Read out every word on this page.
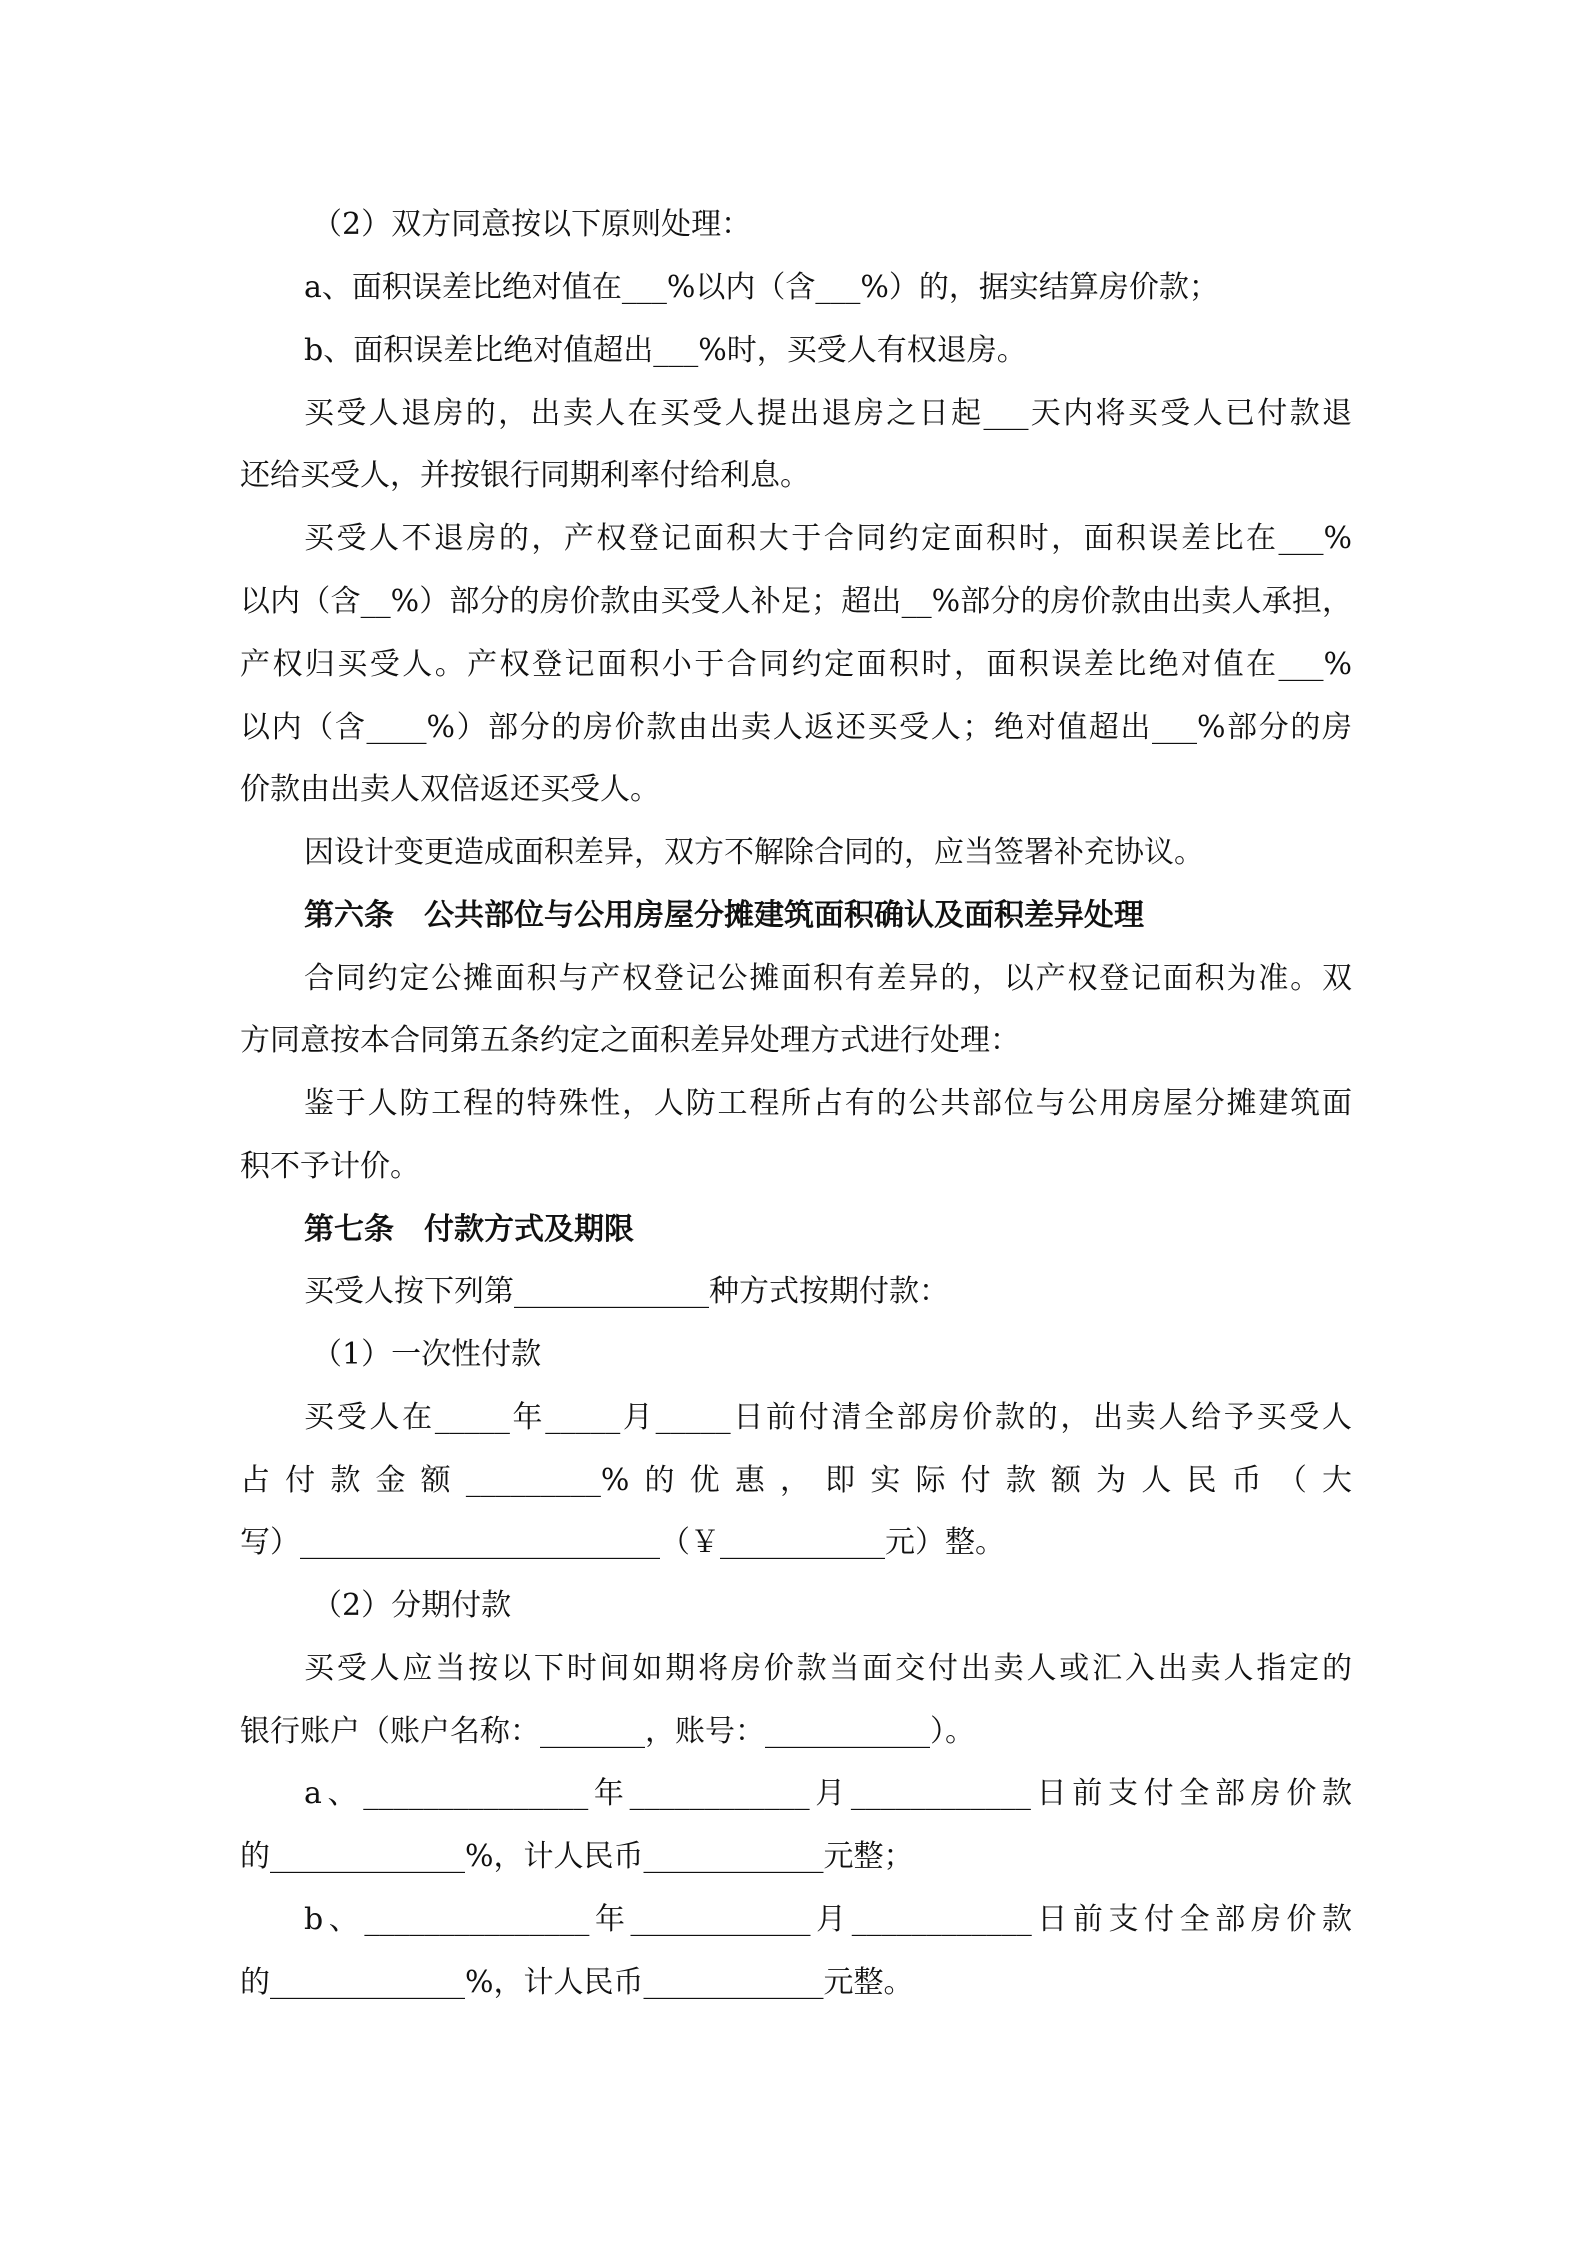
（2）双方同意按以下原则处理：

a、面积误差比绝对值在___%以内（含___%）的，据实结算房价款；

b、面积误差比绝对值超出___%时，买受人有权退房。

买受人退房的，出卖人在买受人提出退房之日起___天内将买受人已付款退

还给买受人，并按银行同期利率付给利息。

买受人不退房的，产权登记面积大于合同约定面积时，面积误差比在___%

以内（含__%）部分的房价款由买受人补足；超出__%部分的房价款由出卖人承担，

产权归买受人。产权登记面积小于合同约定面积时，面积误差比绝对值在___%

以内（含____%）部分的房价款由出卖人返还买受人；绝对值超出___%部分的房

价款由出卖人双倍返还买受人。

因设计变更造成面积差异，双方不解除合同的，应当签署补充协议。

第六条　公共部位与公用房屋分摊建筑面积确认及面积差异处理

合同约定公摊面积与产权登记公摊面积有差异的，以产权登记面积为准。双

方同意按本合同第五条约定之面积差异处理方式进行处理：

鉴于人防工程的特殊性，人防工程所占有的公共部位与公用房屋分摊建筑面

积不予计价。

第七条　付款方式及期限

买受人按下列第_____________种方式按期付款：

（1）一次性付款

买受人在_____年_____月_____日前付清全部房价款的，出卖人给予买受人

占付款金额_________%的优惠，即实际付款额为人民币（大

写）________________________（￥___________元）整。

（2）分期付款

买受人应当按以下时间如期将房价款当面交付出卖人或汇入出卖人指定的

银行账户（账户名称：_______，账号：___________）。

a、_______________年____________月____________日前支付全部房价款

的_____________%，计人民币____________元整；

b、_______________年____________月____________日前支付全部房价款

的_____________%，计人民币____________元整。
